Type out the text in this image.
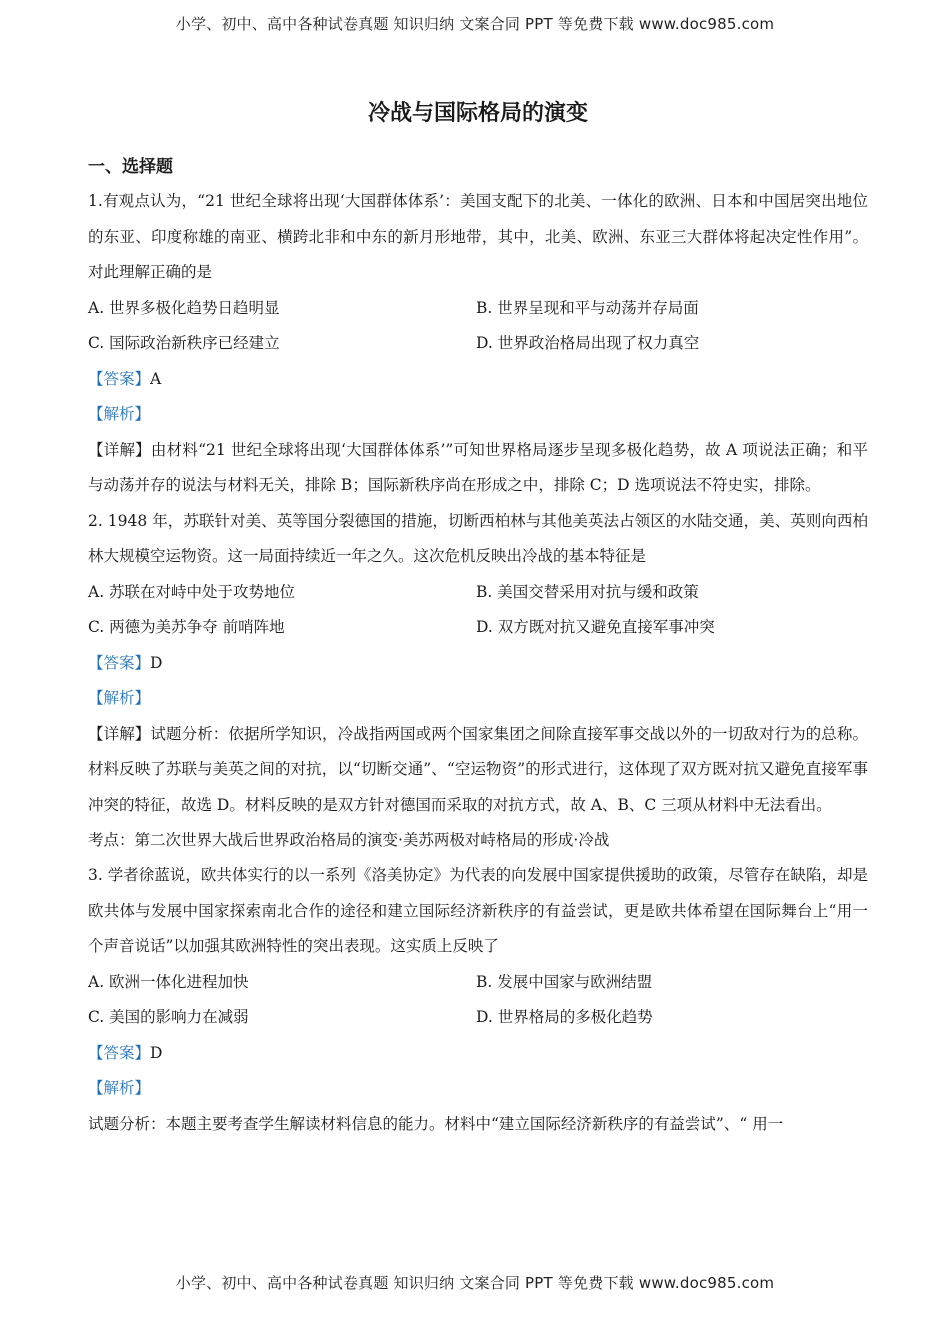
小学、初中、高中各种试卷真题 知识归纳 文案合同 PPT 等免费下载 www.doc985.com
冷战与国际格局的演变
一、选择题

1.有观点认为，“21 世纪全球将出现‘大国群体体系’：美国支配下的北美、一体化的欧洲、日本和中国居突出地位的东亚、印度称雄的南亚、横跨北非和中东的新月形地带，其中，北美、欧洲、东亚三大群体将起决定性作用”。对此理解正确的是

A. 世界多极化趋势日趋明显	B. 世界呈现和平与动荡并存局面
C. 国际政治新秩序已经建立	D. 世界政治格局出现了权力真空

【答案】A

【解析】

【详解】由材料“21 世纪全球将出现‘大国群体体系’”可知世界格局逐步呈现多极化趋势，故 A 项说法正确；和平与动荡并存的说法与材料无关，排除 B；国际新秩序尚在形成之中，排除 C；D 选项说法不符史实，排除。

2. 1948 年，苏联针对美、英等国分裂德国的措施，切断西柏林与其他美英法占领区的水陆交通，美、英则向西柏林大规模空运物资。这一局面持续近一年之久。这次危机反映出冷战的基本特征是

A. 苏联在对峙中处于攻势地位	B. 美国交替采用对抗与缓和政策
C. 两德为美苏争夺 前哨阵地	D. 双方既对抗又避免直接军事冲突

【答案】D

【解析】

【详解】试题分析：依据所学知识，冷战指两国或两个国家集团之间除直接军事交战以外的一切敌对行为的总称。材料反映了苏联与美英之间的对抗，以“切断交通”、“空运物资”的形式进行，这体现了双方既对抗又避免直接军事冲突的特征，故选 D。材料反映的是双方针对德国而采取的对抗方式，故 A、B、C 三项从材料中无法看出。

考点：第二次世界大战后世界政治格局的演变·美苏两极对峙格局的形成·冷战

3. 学者徐蓝说，欧共体实行的以一系列《洛美协定》为代表的向发展中国家提供援助的政策，尽管存在缺陷，却是欧共体与发展中国家探索南北合作的途径和建立国际经济新秩序的有益尝试，更是欧共体希望在国际舞台上“用一个声音说话”以加强其欧洲特性的突出表现。这实质上反映了

A. 欧洲一体化进程加快	B. 发展中国家与欧洲结盟
C. 美国的影响力在减弱	D. 世界格局的多极化趋势

【答案】D

【解析】

试题分析：本题主要考查学生解读材料信息的能力。材料中“建立国际经济新秩序的有益尝试”、“ 用一

小学、初中、高中各种试卷真题 知识归纳 文案合同 PPT 等免费下载 www.doc985.com
